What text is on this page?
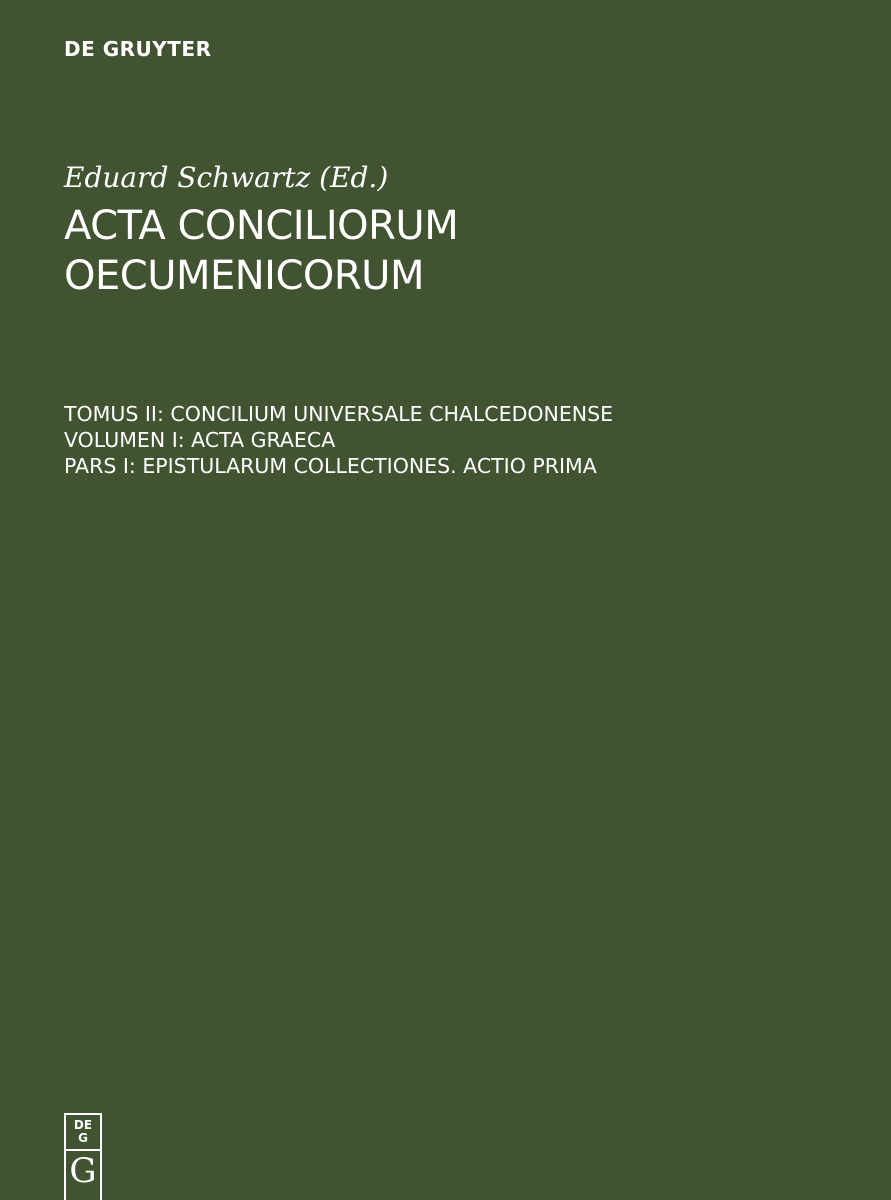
DE GRUYTER
Eduard Schwartz (Ed.)
ACTA CONCILIORUM
OECUMENICORUM
TOMUS II: CONCILIUM UNIVERSALE CHALCEDONENSE
VOLUMEN I: ACTA GRAECA
PARS I: EPISTULARUM COLLECTIONES. ACTIO PRIMA
DE
G
G
